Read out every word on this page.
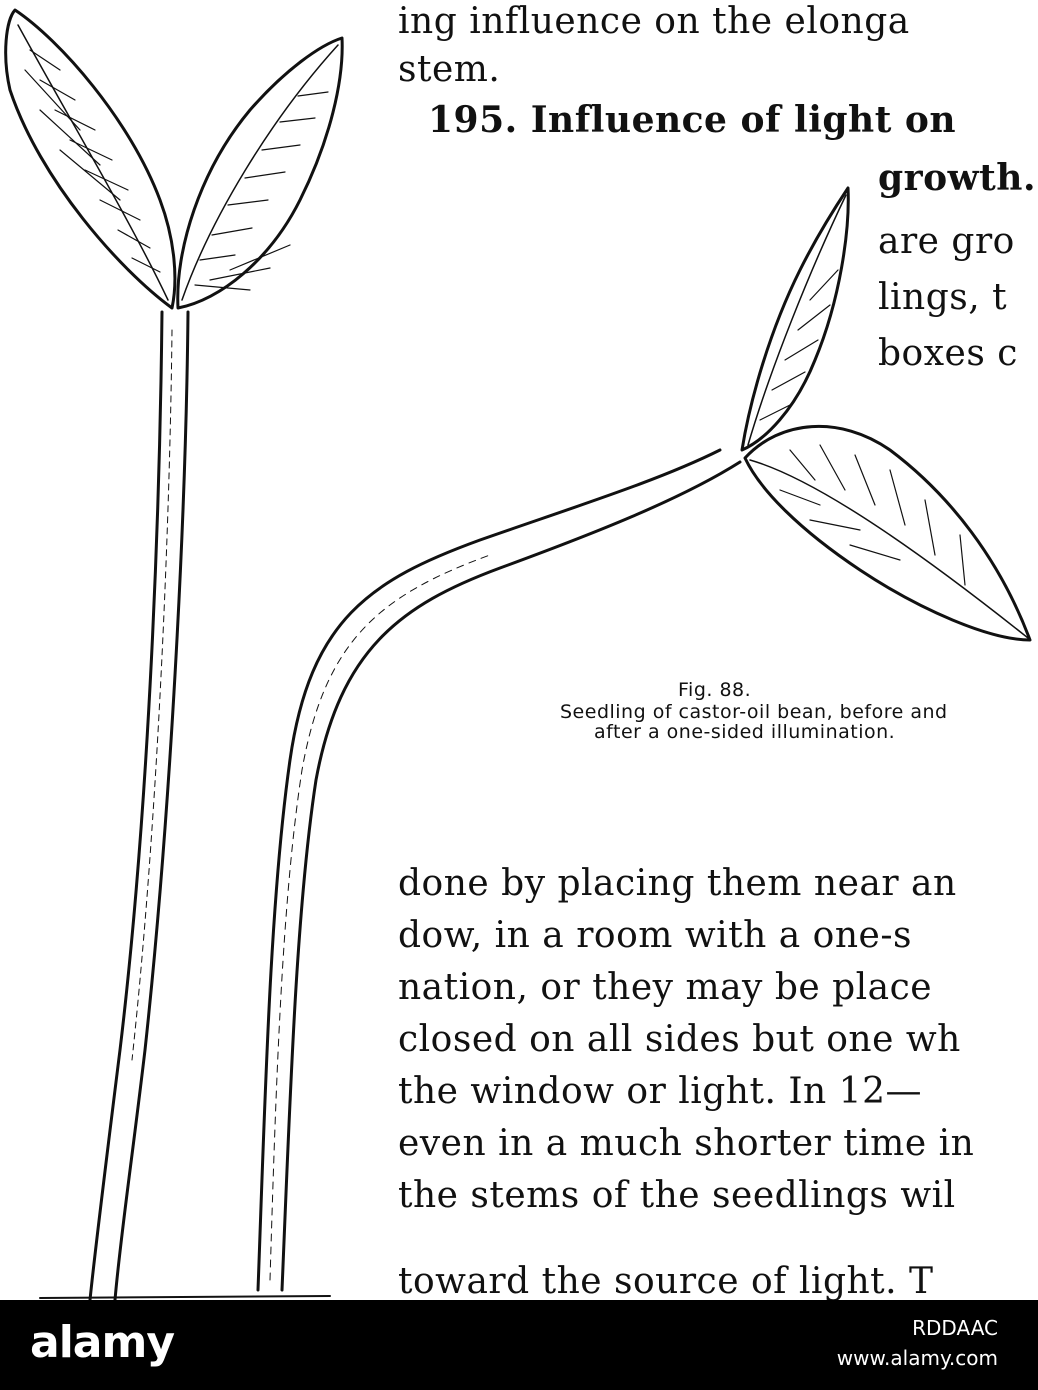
ing influence on the elonga
stem.
195. Influence of light on
growth.
are gro
lings, t
boxes c
Fig. 88.
Seedling of castor-oil bean, before and
after a one-sided illumination.
done by placing them near an
dow, in a room with a one-s
nation, or they may be place
closed on all sides but one wh
the window or light. In 12—
even in a much shorter time in
the stems of the seedlings wil
toward the source of light. T
alamy	RDDAAC
www.alamy.com
